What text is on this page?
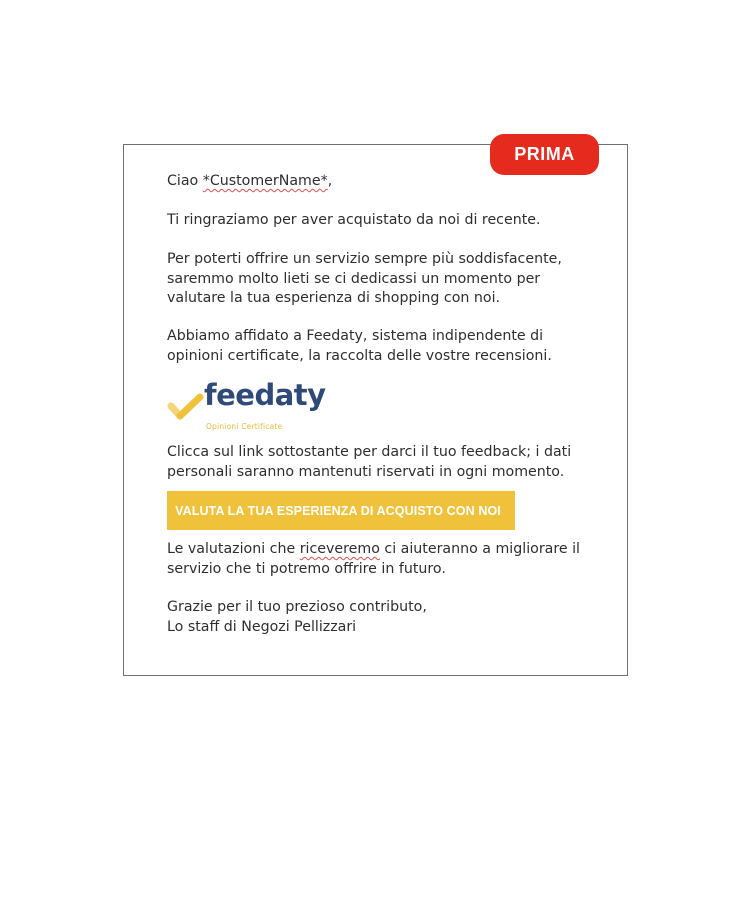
PRIMA

Ciao *CustomerName*,

Ti ringraziamo per aver acquistato da noi di recente.

Per poterti offrire un servizio sempre più soddisfacente,
saremmo molto lieti se ci dedicassi un momento per
valutare la tua esperienza di shopping con noi.

Abbiamo affidato a Feedaty, sistema indipendente di
opinioni certificate, la raccolta delle vostre recensioni.

feedaty
Opinioni Certificate

Clicca sul link sottostante per darci il tuo feedback; i dati
personali saranno mantenuti riservati in ogni momento.

VALUTA LA TUA ESPERIENZA DI ACQUISTO CON NOI

Le valutazioni che riceveremo ci aiuteranno a migliorare il
servizio che ti potremo offrire in futuro.

Grazie per il tuo prezioso contributo,
Lo staff di Negozi Pellizzari
